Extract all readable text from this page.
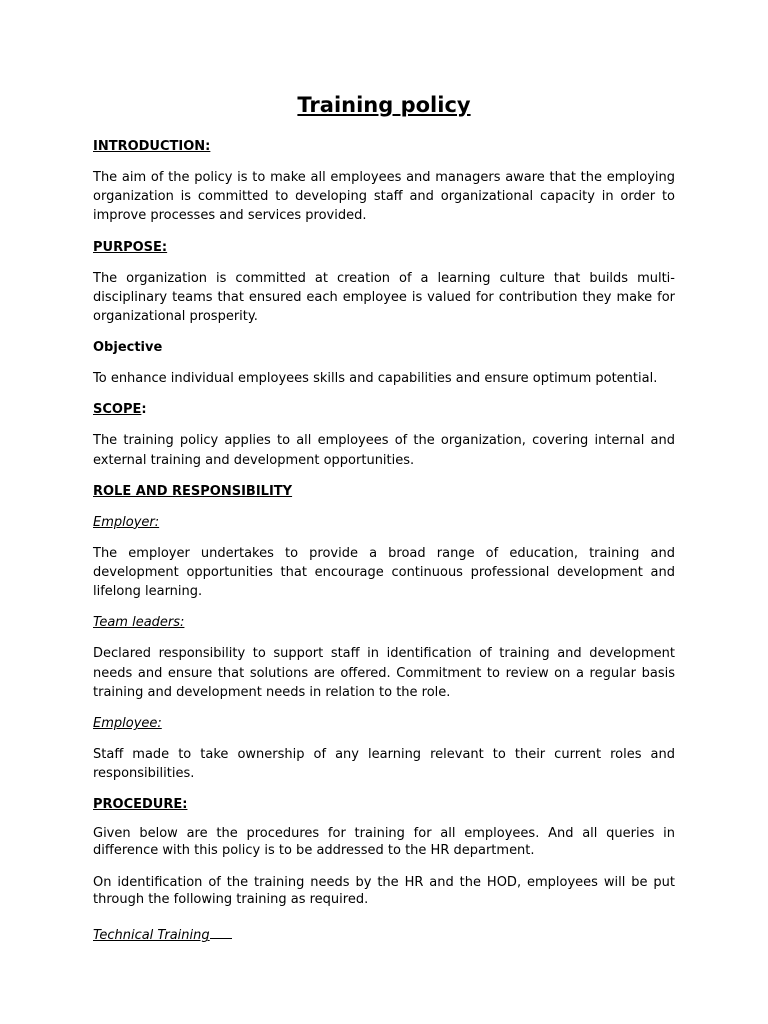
Training policy
INTRODUCTION:

The aim of the policy is to make all employees and managers aware that the employing organization is committed to developing staff and organizational capacity in order to improve processes and services provided.

PURPOSE:

The organization is committed at creation of a learning culture that builds multi-disciplinary teams that ensured each employee is valued for contribution they make for organizational prosperity.

Objective

To enhance individual employees skills and capabilities and ensure optimum potential.

SCOPE:

The training policy applies to all employees of the organization, covering internal and external training and development opportunities.

ROLE AND RESPONSIBILITY
Employer:

The employer undertakes to provide a broad range of education, training and development opportunities that encourage continuous professional development and lifelong learning.

Team leaders:

Declared responsibility to support staff in identification of training and development needs and ensure that solutions are offered. Commitment to review on a regular basis training and development needs in relation to the role.

Employee:

Staff made to take ownership of any learning relevant to their current roles and responsibilities.

PROCEDURE:

Given below are the procedures for training for all employees. And all queries in difference with this policy is to be addressed to the HR department.

On identification of the training needs by the HR and the HOD, employees will be put through the following training as required.

Technical Training
